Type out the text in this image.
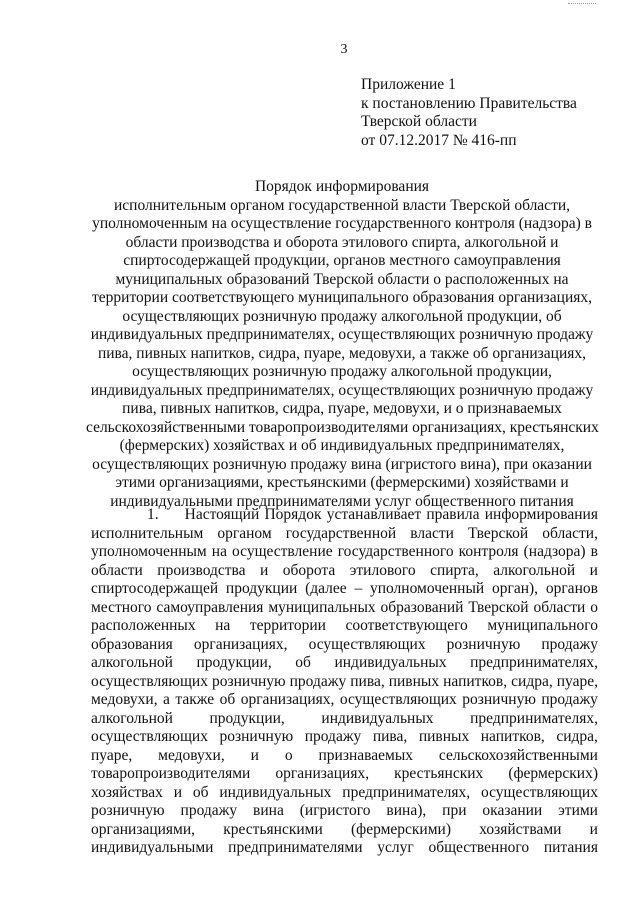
3
Приложение 1
к постановлению Правительства
Тверской области
от 07.12.2017 № 416-пп
Порядок информирования
исполнительным органом государственной власти Тверской области,
уполномоченным на осуществление государственного контроля (надзора) в
области производства и оборота этилового спирта, алкогольной и
спиртосодержащей продукции, органов местного самоуправления
муниципальных образований Тверской области о расположенных на
территории соответствующего муниципального образования организациях,
осуществляющих розничную продажу алкогольной продукции, об
индивидуальных предпринимателях, осуществляющих розничную продажу
пива, пивных напитков, сидра, пуаре, медовухи, а также об организациях,
осуществляющих розничную продажу алкогольной продукции,
индивидуальных предпринимателях, осуществляющих розничную продажу
пива, пивных напитков, сидра, пуаре, медовухи, и о признаваемых
сельскохозяйственными товаропроизводителями организациях, крестьянских
(фермерских) хозяйствах и об индивидуальных предпринимателях,
осуществляющих розничную продажу вина (игристого вина), при оказании
этими организациями, крестьянскими (фермерскими) хозяйствами и
индивидуальными предпринимателями услуг общественного питания
1. Настоящий Порядок устанавливает правила информирования
исполнительным органом государственной власти Тверской области,
уполномоченным на осуществление государственного контроля (надзора) в
области производства и оборота этилового спирта, алкогольной и
спиртосодержащей продукции (далее – уполномоченный орган), органов
местного самоуправления муниципальных образований Тверской области о
расположенных на территории соответствующего муниципального
образования организациях, осуществляющих розничную продажу
алкогольной продукции, об индивидуальных предпринимателях,
осуществляющих розничную продажу пива, пивных напитков, сидра, пуаре,
медовухи, а также об организациях, осуществляющих розничную продажу
алкогольной продукции, индивидуальных предпринимателях,
осуществляющих розничную продажу пива, пивных напитков, сидра,
пуаре, медовухи, и о признаваемых сельскохозяйственными
товаропроизводителями организациях, крестьянских (фермерских)
хозяйствах и об индивидуальных предпринимателях, осуществляющих
розничную продажу вина (игристого вина), при оказании этими
организациями, крестьянскими (фермерскими) хозяйствами и
индивидуальными предпринимателями услуг общественного питания
